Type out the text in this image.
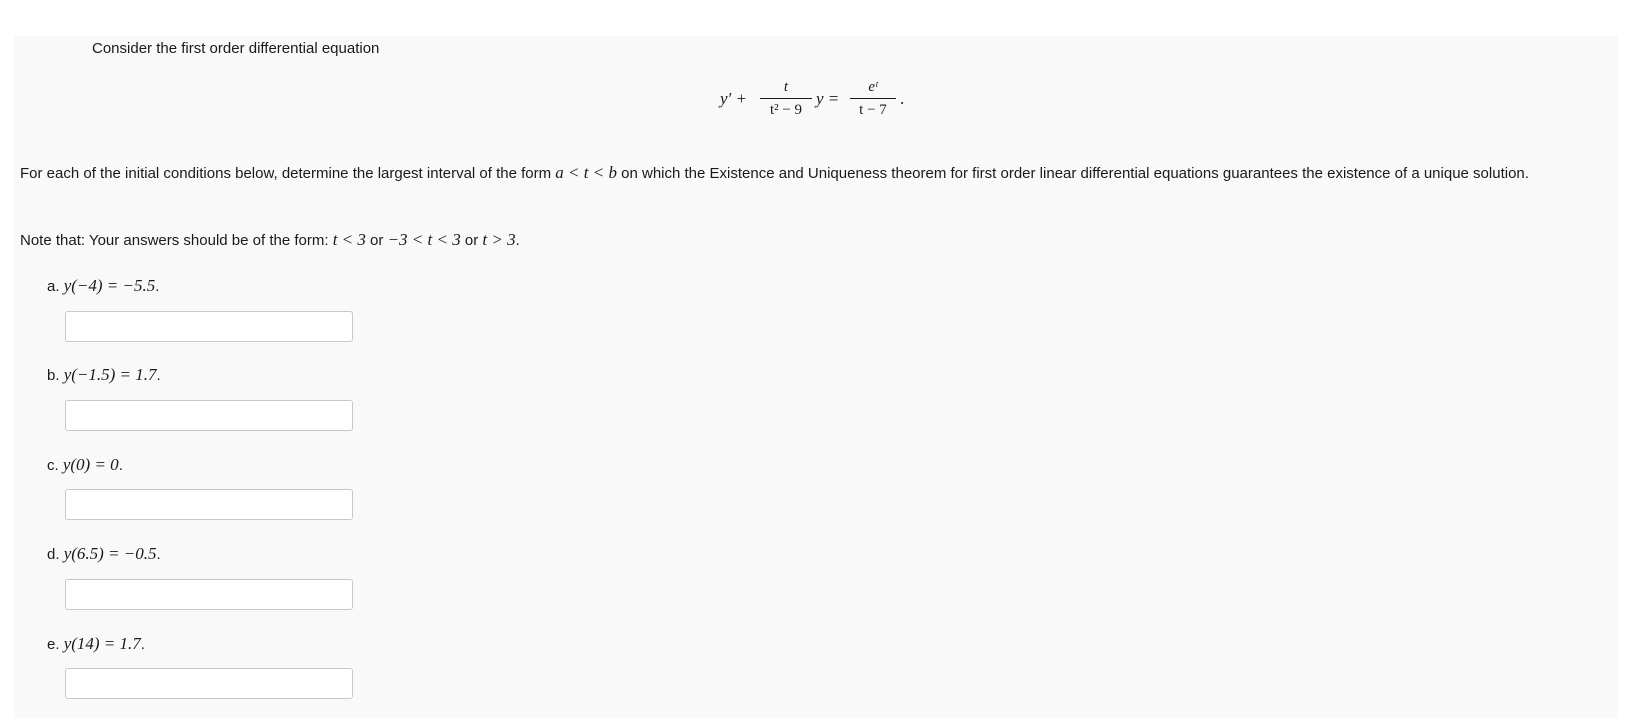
Consider the first order differential equation
y′ +
t
t² − 9
y =
eᵗ
t − 7
.
For each of the initial conditions below, determine the largest interval of the form a < t < b on which the Existence and Uniqueness theorem for first order linear differential equations guarantees the existence of a unique solution.
Note that: Your answers should be of the form: t < 3 or −3 < t < 3 or t > 3.
a. y(−4) = −5.5.
b. y(−1.5) = 1.7.
c. y(0) = 0.
d. y(6.5) = −0.5.
e. y(14) = 1.7.
